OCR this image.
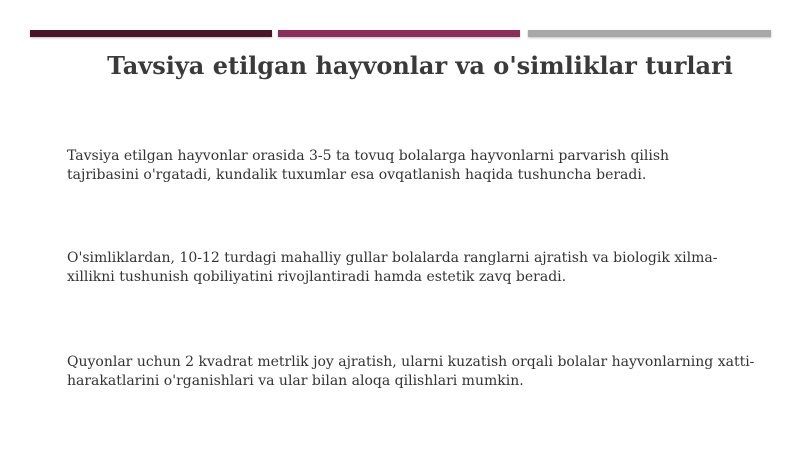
Tavsiya etilgan hayvonlar va o'simliklar turlari
Tavsiya etilgan hayvonlar orasida 3-5 ta tovuq bolalarga hayvonlarni parvarish qilish
tajribasini o'rgatadi, kundalik tuxumlar esa ovqatlanish haqida tushuncha beradi.
O'simliklardan, 10-12 turdagi mahalliy gullar bolalarda ranglarni ajratish va biologik xilma-
xillikni tushunish qobiliyatini rivojlantiradi hamda estetik zavq beradi.
Quyonlar uchun 2 kvadrat metrlik joy ajratish, ularni kuzatish orqali bolalar hayvonlarning xatti-
harakatlarini o'rganishlari va ular bilan aloqa qilishlari mumkin.
